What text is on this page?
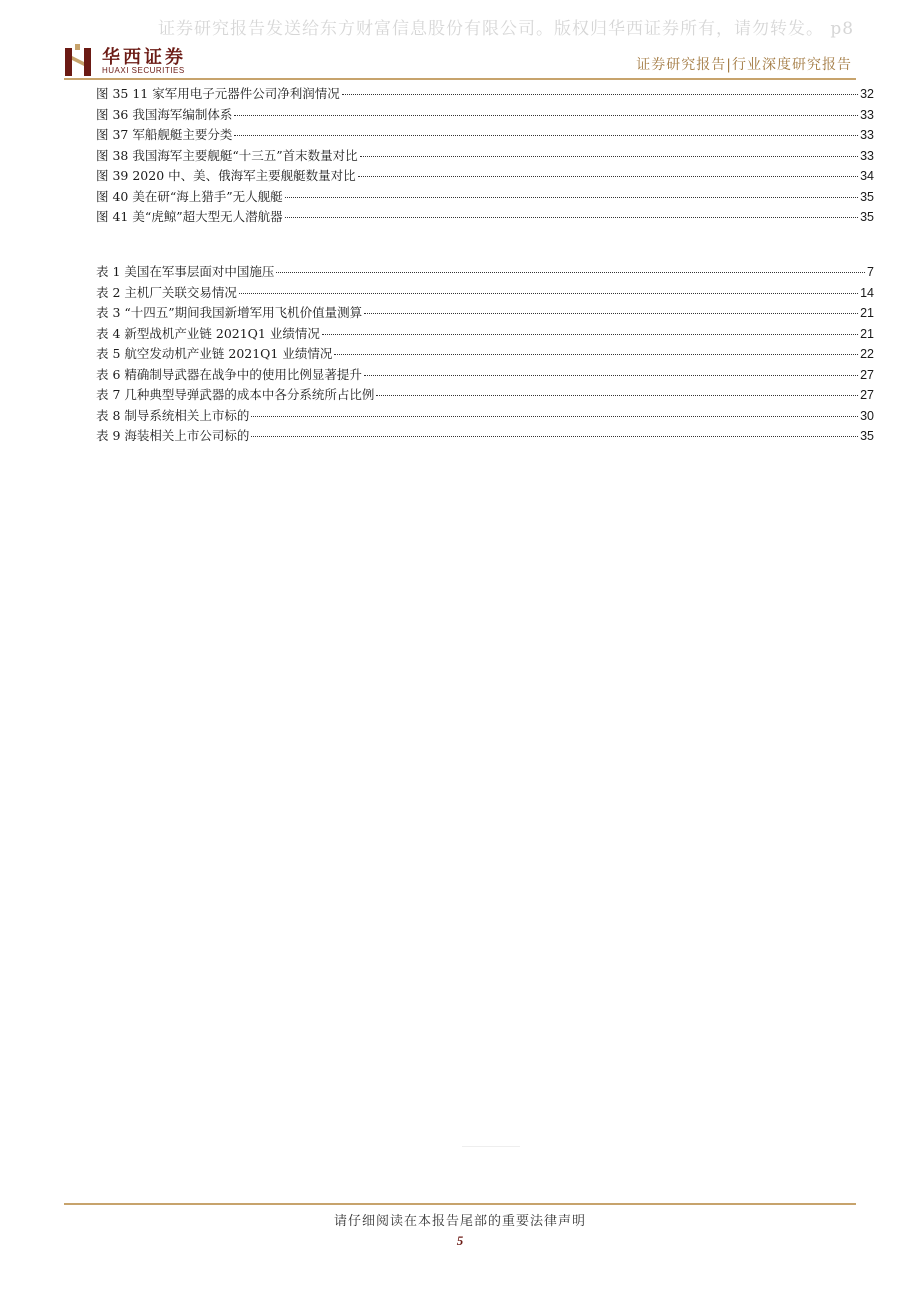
证券研究报告发送给东方财富信息股份有限公司。版权归华西证券所有，请勿转发。 p8
华西证券
HUAXI SECURITIES	证券研究报告|行业深度研究报告
图 35 11 家军用电子元器件公司净利润情况	32
图 36 我国海军编制体系	33
图 37 军船舰艇主要分类	33
图 38 我国海军主要舰艇“十三五”首末数量对比	33
图 39 2020 中、美、俄海军主要舰艇数量对比	34
图 40 美在研“海上猎手”无人舰艇	35
图 41 美“虎鲸”超大型无人潜航器	35
表 1 美国在军事层面对中国施压	7
表 2 主机厂关联交易情况	14
表 3 “十四五”期间我国新增军用飞机价值量测算	21
表 4 新型战机产业链 2021Q1 业绩情况	21
表 5 航空发动机产业链 2021Q1 业绩情况	22
表 6 精确制导武器在战争中的使用比例显著提升	27
表 7 几种典型导弹武器的成本中各分系统所占比例	27
表 8 制导系统相关上市标的	30
表 9 海装相关上市公司标的	35
请仔细阅读在本报告尾部的重要法律声明
5
